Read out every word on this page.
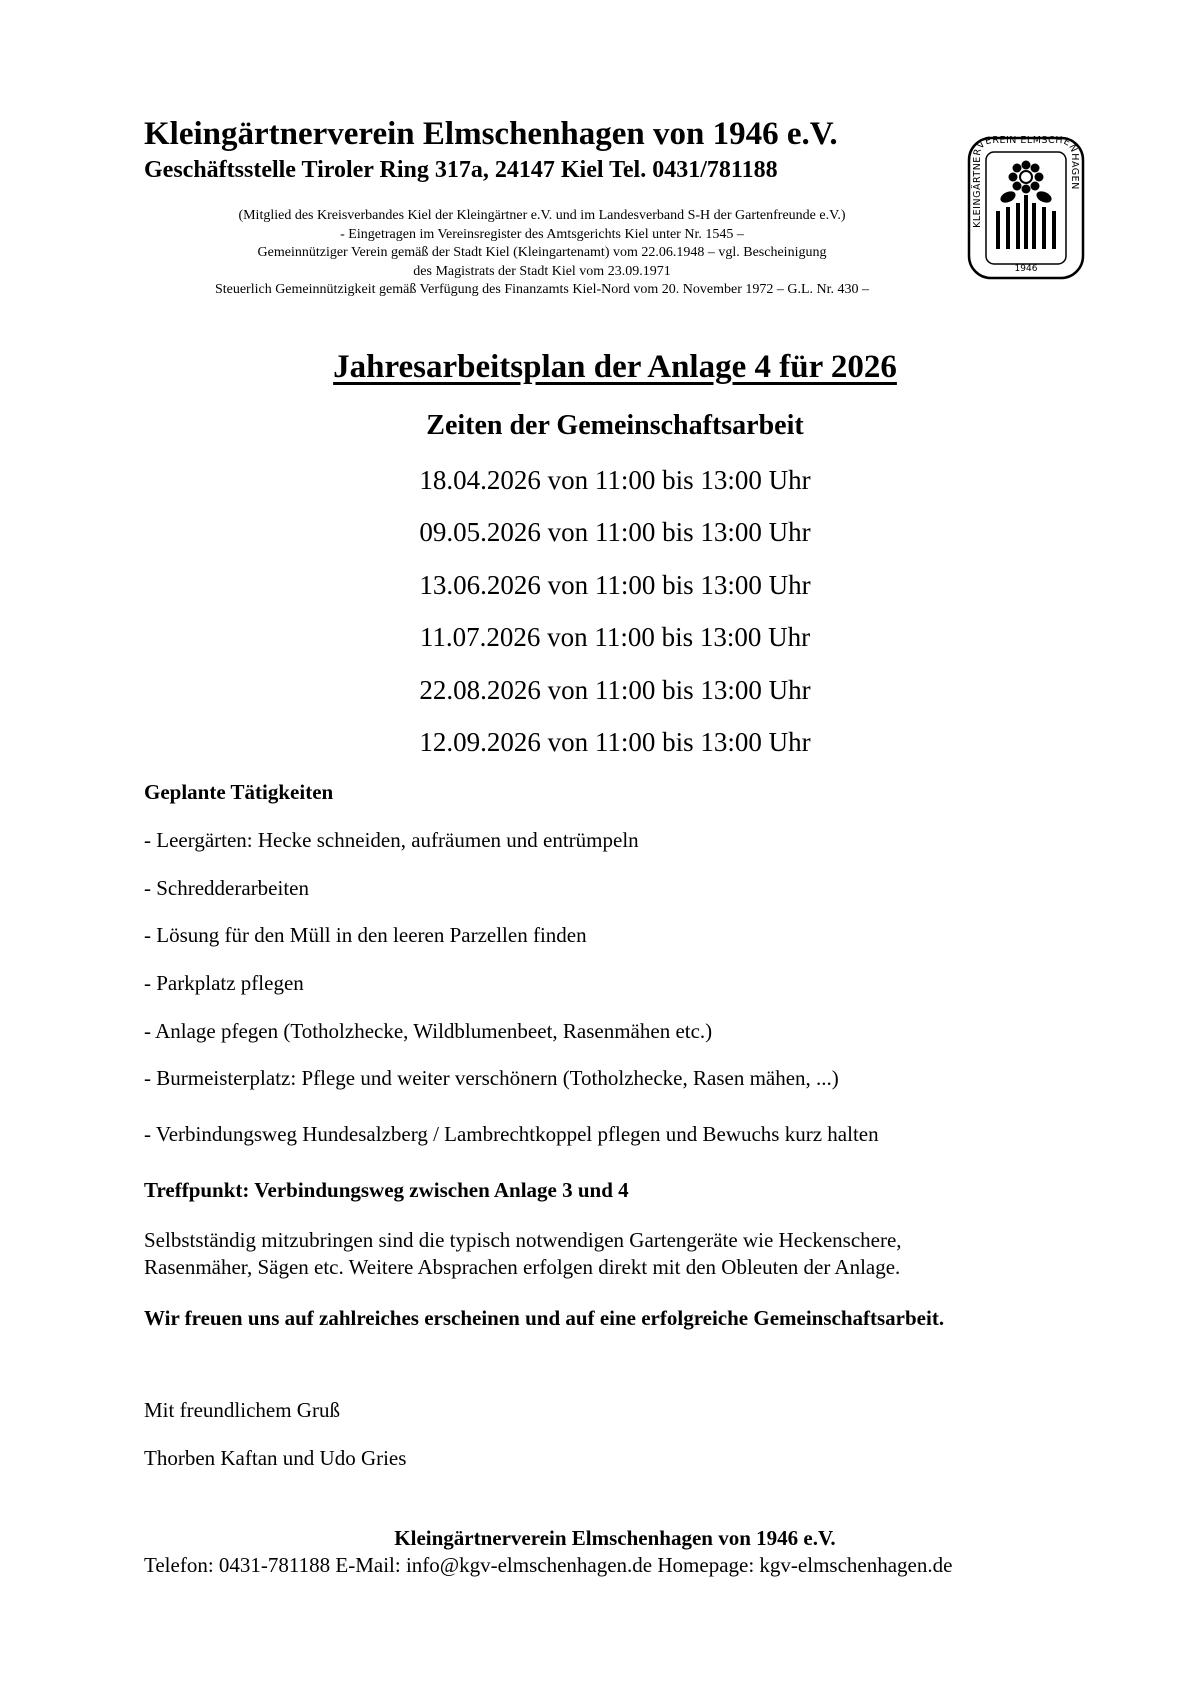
Kleingärtnerverein Elmschenhagen von 1946 e.V.
Geschäftsstelle Tiroler Ring 317a, 24147 Kiel Tel. 0431/781188
(Mitglied des Kreisverbandes Kiel der Kleingärtner e.V. und im Landesverband S-H der Gartenfreunde e.V.)
- Eingetragen im Vereinsregister des Amtsgerichts Kiel unter Nr. 1545 –
Gemeinnütziger Verein gemäß der Stadt Kiel (Kleingartenamt) vom 22.06.1948 – vgl. Bescheinigung
des Magistrats der Stadt Kiel vom 23.09.1971
Steuerlich Gemeinnützigkeit gemäß Verfügung des Finanzamts Kiel-Nord vom 20. November 1972 – G.L. Nr. 430 –
KLEINGÄRTNERVEREIN ELMSCHENHAGEN
1946
Jahresarbeitsplan der Anlage 4 für 2026
Zeiten der Gemeinschaftsarbeit
18.04.2026 von 11:00 bis 13:00 Uhr
09.05.2026 von 11:00 bis 13:00 Uhr
13.06.2026 von 11:00 bis 13:00 Uhr
11.07.2026 von 11:00 bis 13:00 Uhr
22.08.2026 von 11:00 bis 13:00 Uhr
12.09.2026 von 11:00 bis 13:00 Uhr
Geplante Tätigkeiten
- Leergärten: Hecke schneiden, aufräumen und entrümpeln
- Schredderarbeiten
- Lösung für den Müll in den leeren Parzellen finden
- Parkplatz pflegen
- Anlage pfegen (Totholzhecke, Wildblumenbeet, Rasenmähen etc.)
- Burmeisterplatz: Pflege und weiter verschönern (Totholzhecke, Rasen mähen, ...)
- Verbindungsweg Hundesalzberg / Lambrechtkoppel pflegen und Bewuchs kurz halten
Treffpunkt: Verbindungsweg zwischen Anlage 3 und 4
Selbstständig mitzubringen sind die typisch notwendigen Gartengeräte wie Heckenschere,
Rasenmäher, Sägen etc. Weitere Absprachen erfolgen direkt mit den Obleuten der Anlage.
Wir freuen uns auf zahlreiches erscheinen und auf eine erfolgreiche Gemeinschaftsarbeit.
Mit freundlichem Gruß
Thorben Kaftan und Udo Gries
Kleingärtnerverein Elmschenhagen von 1946 e.V.
Telefon: 0431-781188 E-Mail: info@kgv-elmschenhagen.de Homepage: kgv-elmschenhagen.de
